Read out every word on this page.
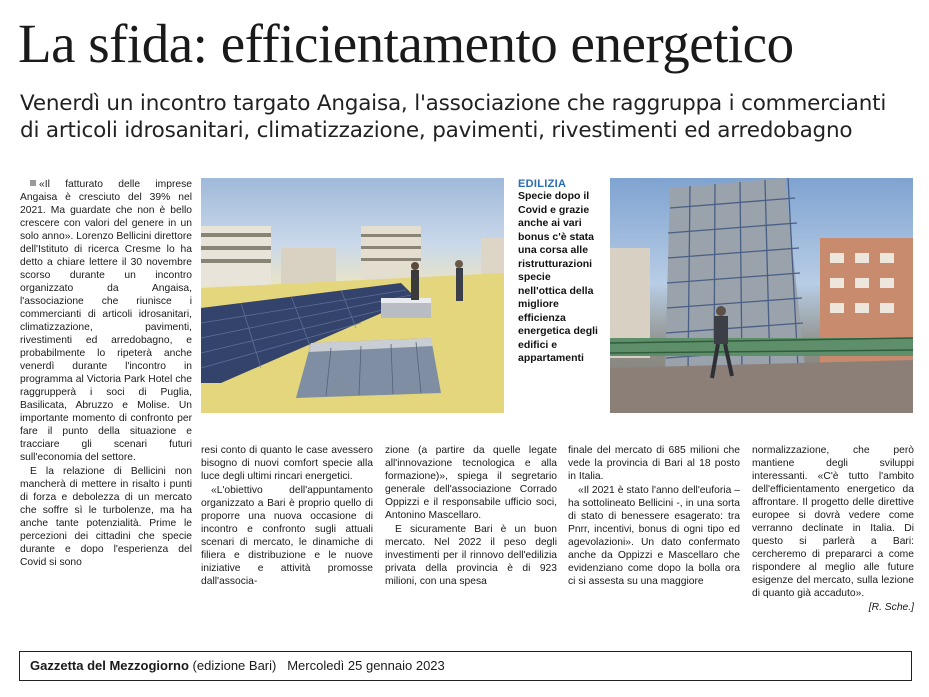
La sfida: efficientamento energetico
Venerdì un incontro targato Angaisa, l'associazione che raggruppa i commercianti
di articoli idrosanitari, climatizzazione, pavimenti, rivestimenti ed arredobagno

«Il fatturato delle imprese Angaisa è cresciuto del 39% nel 2021. Ma guardate che non è bello crescere con valori del genere in un solo anno». Lorenzo Bellicini direttore dell'Istituto di ricerca Cresme lo ha detto a chiare lettere il 30 novembre scorso durante un incontro organizzato da Angaisa, l'associazione che riunisce i commercianti di articoli idrosanitari, climatizzazione, pavimenti, rivestimenti ed arredobagno, e probabilmente lo ripeterà anche venerdì durante l'incontro in programma al Victoria Park Hotel che raggrupperà i soci di Puglia, Basilicata, Abruzzo e Molise. Un importante momento di confronto per fare il punto della situazione e tracciare gli scenari futuri sull'economia del settore.

E la relazione di Bellicini non mancherà di mettere in risalto i punti di forza e debolezza di un mercato che soffre sì le turbolenze, ma ha anche tante potenzialità. Prime le percezioni dei cittadini che specie durante e dopo l'esperienza del Covid si sono

EDILIZIA
Specie dopo il Covid e grazie anche ai vari bonus c'è stata una corsa alle ristrutturazioni specie nell'ottica della migliore efficienza energetica degli edifici e appartamenti

resi conto di quanto le case avessero bisogno di nuovi comfort specie alla luce degli ultimi rincari energetici.

«L'obiettivo dell'appuntamento organizzato a Bari è proprio quello di proporre una nuova occasione di incontro e confronto sugli attuali scenari di mercato, le dinamiche di filiera e distribuzione e le nuove iniziative e attività promosse dall'associa-

zione (a partire da quelle legate all'innovazione tecnologica e alla formazione)», spiega il segretario generale dell'associazione Corrado Oppizzi e il responsabile ufficio soci, Antonino Mascellaro.

E sicuramente Bari è un buon mercato. Nel 2022 il peso degli investimenti per il rinnovo dell'edilizia privata della provincia è di 923 milioni, con una spesa

finale del mercato di 685 milioni che vede la provincia di Bari al 18 posto in Italia.

«Il 2021 è stato l'anno dell'euforia – ha sottolineato Bellicini -, in una sorta di stato di benessere esagerato: tra Pnrr, incentivi, bonus di ogni tipo ed agevolazioni». Un dato confermato anche da Oppizzi e Mascellaro che evidenziano come dopo la bolla ora ci si assesta su una maggiore

normalizzazione, che però mantiene degli sviluppi interessanti. «C'è tutto l'ambito dell'efficientamento energetico da affrontare. Il progetto delle direttive europee si dovrà vedere come verranno declinate in Italia. Di questo si parlerà a Bari: cercheremo di prepararci a come rispondere al meglio alle future esigenze del mercato, sulla lezione di quanto già accaduto».

[R. Sche.]

Gazzetta del Mezzogiorno (edizione Bari) Mercoledì 25 gennaio 2023
